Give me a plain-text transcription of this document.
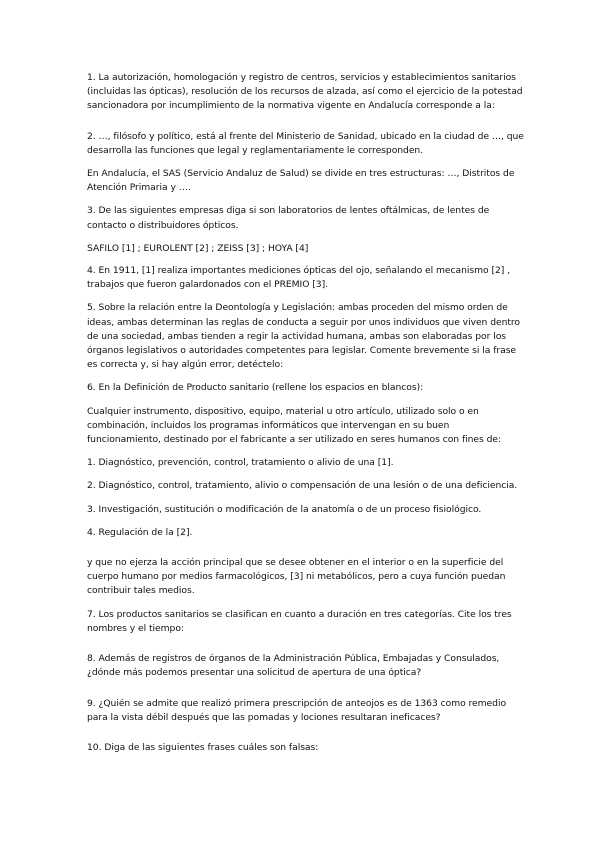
1. La autorización, homologación y registro de centros, servicios y establecimientos sanitarios
(incluidas las ópticas), resolución de los recursos de alzada, así como el ejercicio de la potestad
sancionadora por incumplimiento de la normativa vigente en Andalucía corresponde a la:
2. …, filósofo y político, está al frente del Ministerio de Sanidad, ubicado en la ciudad de …, que
desarrolla las funciones que legal y reglamentariamente le corresponden.
En Andalucía, el SAS (Servicio Andaluz de Salud) se divide en tres estructuras: …, Distritos de
Atención Primaria y ….
3. De las siguientes empresas diga si son laboratorios de lentes oftálmicas, de lentes de
contacto o distribuidores ópticos.
SAFILO [1] ; EUROLENT [2] ; ZEISS [3] ; HOYA [4]
4. En 1911, [1] realiza importantes mediciones ópticas del ojo, señalando el mecanismo [2] ,
trabajos que fueron galardonados con el PREMIO [3].
5. Sobre la relación entre la Deontología y Legislación: ambas proceden del mismo orden de
ideas, ambas determinan las reglas de conducta a seguir por unos individuos que viven dentro
de una sociedad, ambas tienden a regir la actividad humana, ambas son elaboradas por los
órganos legislativos o autoridades competentes para legislar. Comente brevemente si la frase
es correcta y, si hay algún error, detéctelo:
6. En la Definición de Producto sanitario (rellene los espacios en blancos):
Cualquier instrumento, dispositivo, equipo, material u otro artículo, utilizado solo o en
combinación, incluidos los programas informáticos que intervengan en su buen
funcionamiento, destinado por el fabricante a ser utilizado en seres humanos con fines de:
1. Diagnóstico, prevención, control, tratamiento o alivio de una [1].
2. Diagnóstico, control, tratamiento, alivio o compensación de una lesión o de una deficiencia.
3. Investigación, sustitución o modificación de la anatomía o de un proceso fisiológico.
4. Regulación de la [2].
y que no ejerza la acción principal que se desee obtener en el interior o en la superficie del
cuerpo humano por medios farmacológicos, [3] ni metabólicos, pero a cuya función puedan
contribuir tales medios.
7. Los productos sanitarios se clasifican en cuanto a duración en tres categorías. Cite los tres
nombres y el tiempo:
8. Además de registros de órganos de la Administración Pública, Embajadas y Consulados,
¿dónde más podemos presentar una solicitud de apertura de una óptica?
9. ¿Quién se admite que realizó primera prescripción de anteojos es de 1363 como remedio
para la vista débil después que las pomadas y lociones resultaran ineficaces?
10. Diga de las siguientes frases cuáles son falsas:
